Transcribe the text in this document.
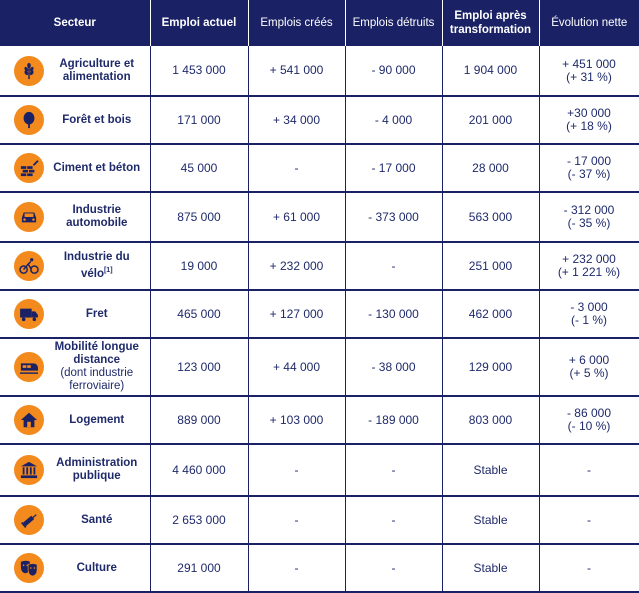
Secteur	Emploi actuel	Emplois créés	Emplois détruits	Emploi après transformation	Évolution nette

Agriculture et alimentation	1 453 000	+ 541 000	- 90 000	1 904 000	+ 451 000
(+ 31 %)

Forêt et bois	171 000	+ 34 000	- 4 000	201 000	+30 000
(+ 18 %)

Ciment et béton	45 000	-	- 17 000	28 000	- 17 000
(- 37 %)

Industrie automobile	875 000	+ 61 000	- 373 000	563 000	- 312 000
(- 35 %)

Industrie du vélo[1]	19 000	+ 232 000	-	251 000	+ 232 000
(+ 1 221 %)

Fret	465 000	+ 127 000	- 130 000	462 000	- 3 000
(- 1 %)

Mobilité longue distance
(dont industrie ferroviaire)	123 000	+ 44 000	- 38 000	129 000	+ 6 000
(+ 5 %)

Logement	889 000	+ 103 000	- 189 000	803 000	- 86 000
(- 10 %)

Administration publique	4 460 000	-	-	Stable	-

Santé	2 653 000	-	-	Stable	-

Culture	291 000	-	-	Stable	-
